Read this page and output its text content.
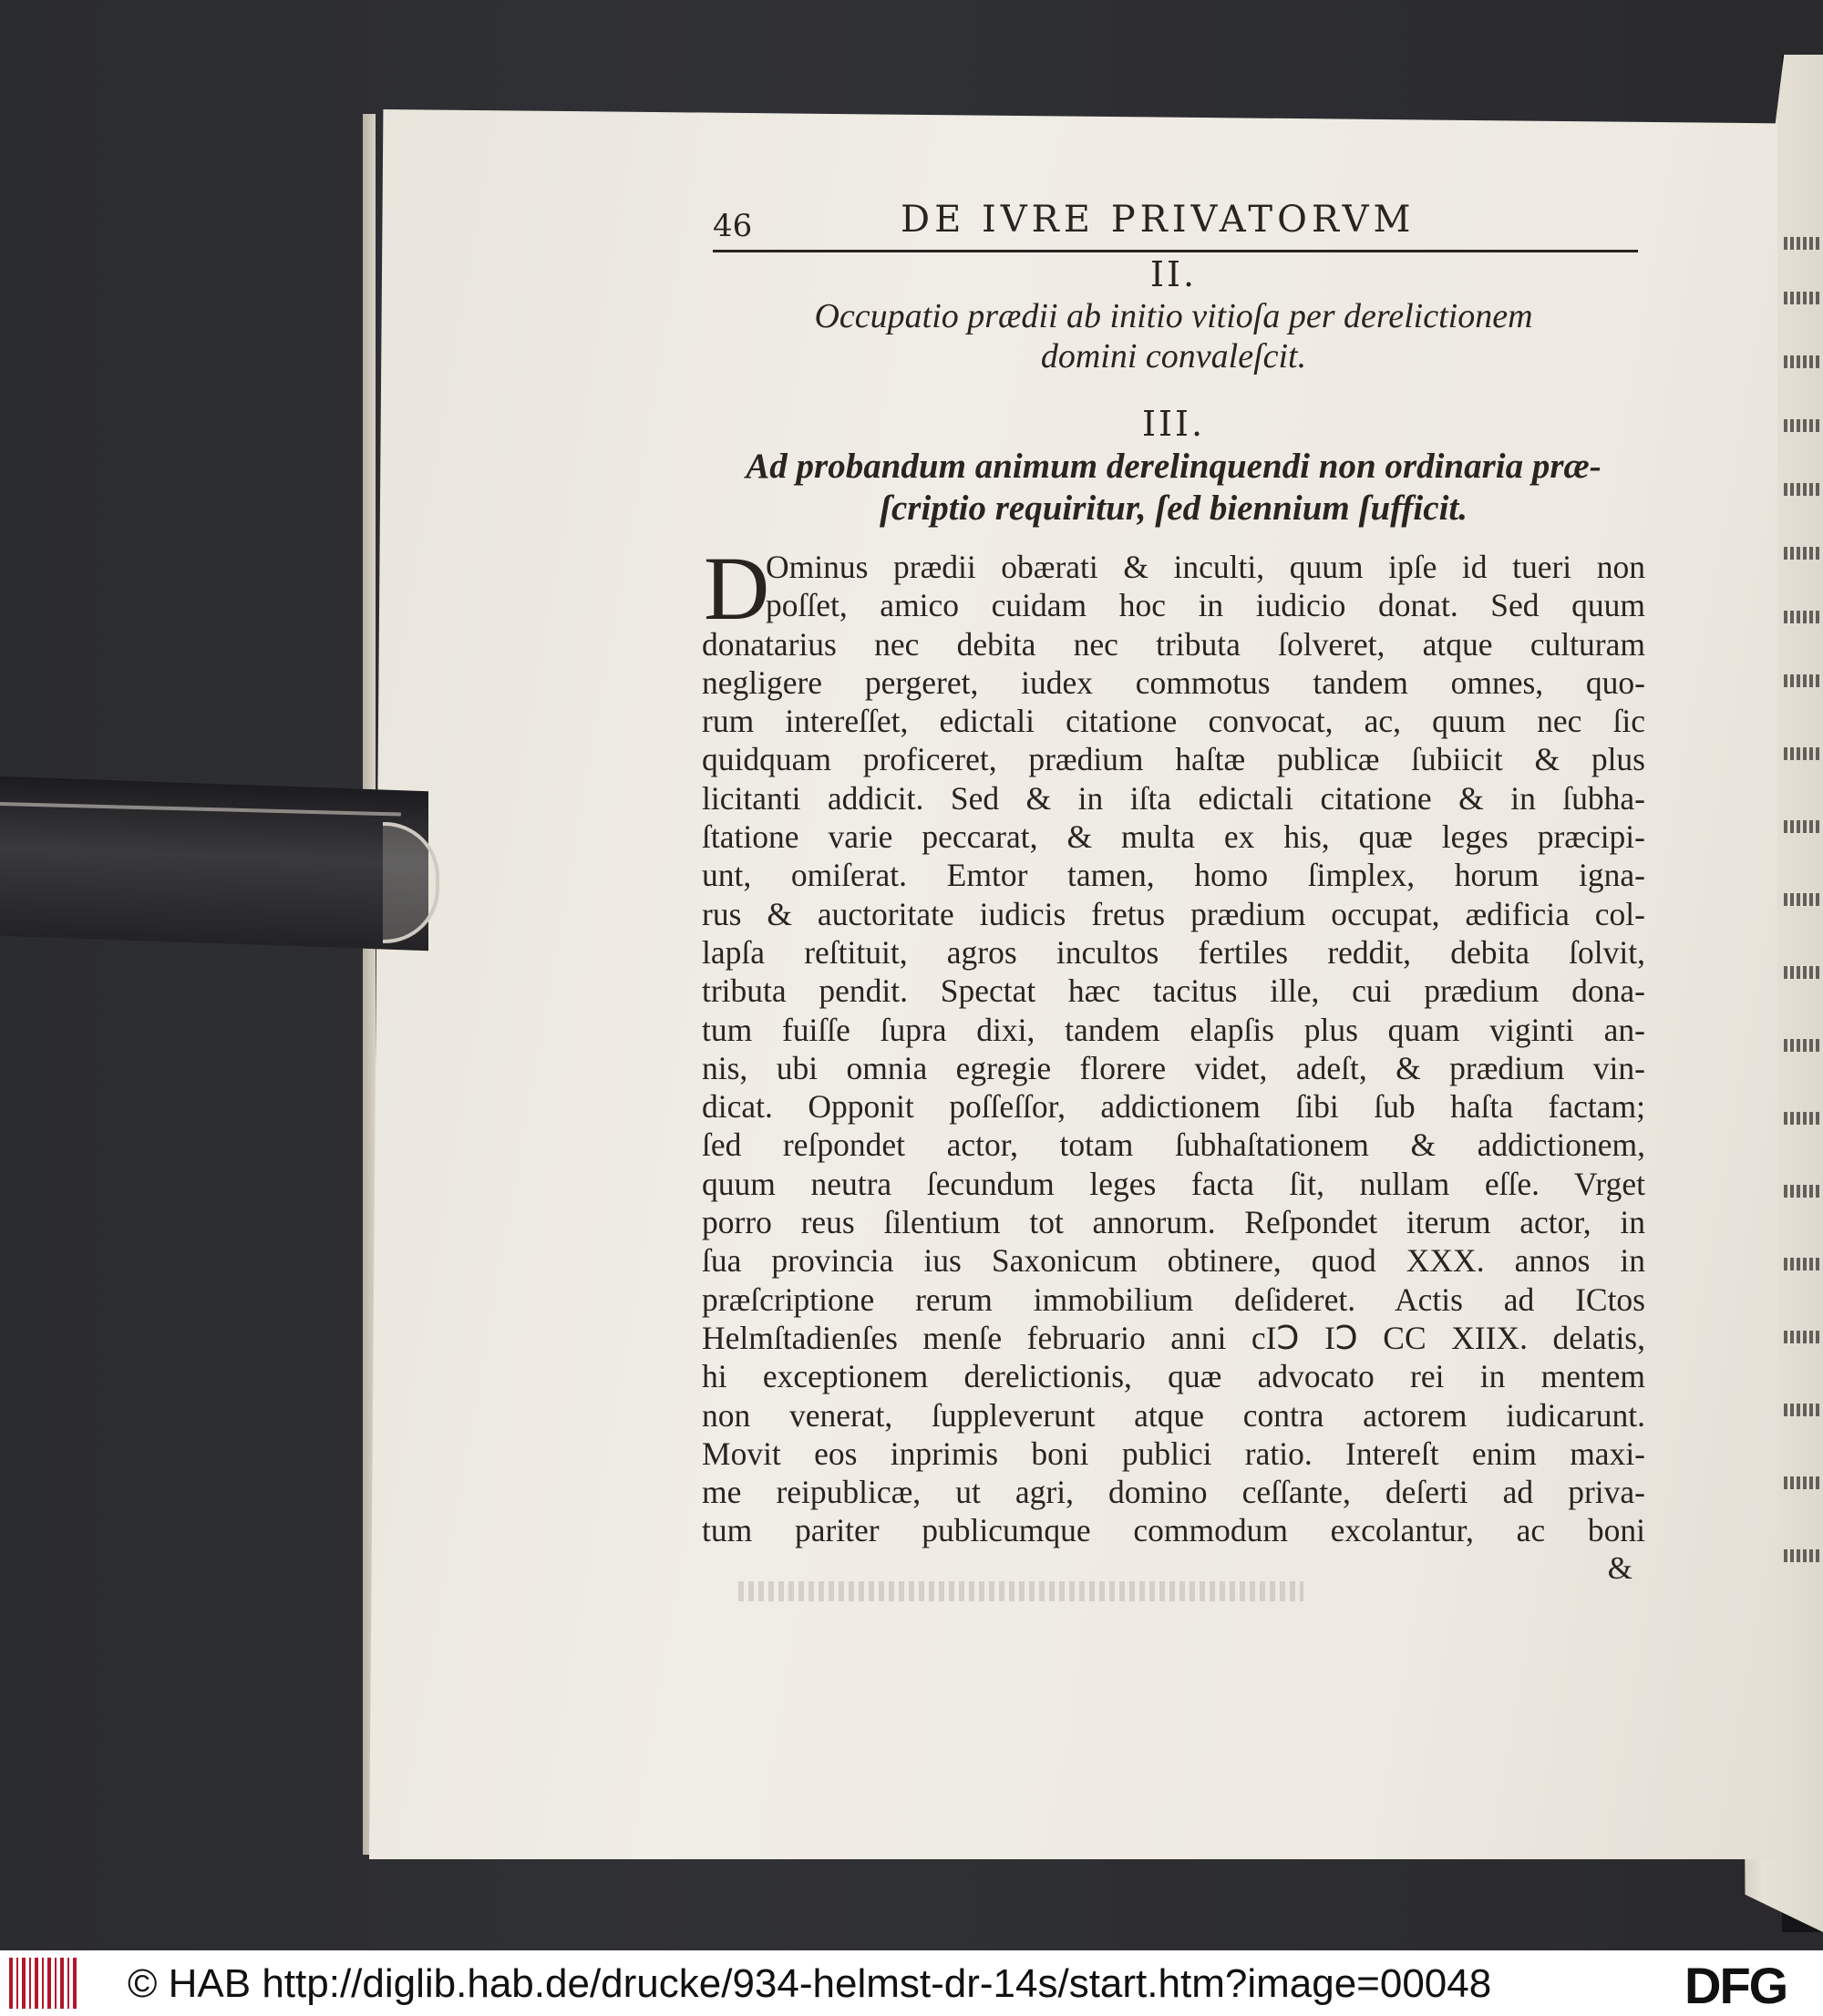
46	DE IVRE PRIVATORVM
II.
Occupatio prædii ab initio vitioſa per derelictionem
domini convaleſcit.
III.
Ad probandum animum derelinquendi non ordinaria præ-
ſcriptio requiritur, ſed biennium ſufficit.
D
Ominus prædii obærati & inculti, quum ipſe id tueri non
poſſet, amico cuidam hoc in iudicio donat. Sed quum
donatarius nec debita nec tributa ſolveret, atque culturam
negligere pergeret, iudex commotus tandem omnes, quo-
rum intereſſet, edictali citatione convocat, ac, quum nec ſic
quidquam proficeret, prædium haſtæ publicæ ſubiicit & plus
licitanti addicit. Sed & in iſta edictali citatione & in ſubha-
ſtatione varie peccarat, & multa ex his, quæ leges præcipi-
unt, omiſerat. Emtor tamen, homo ſimplex, horum igna-
rus & auctoritate iudicis fretus prædium occupat, ædificia col-
lapſa reſtituit, agros incultos fertiles reddit, debita ſolvit,
tributa pendit. Spectat hæc tacitus ille, cui prædium dona-
tum fuiſſe ſupra dixi, tandem elapſis plus quam viginti an-
nis, ubi omnia egregie florere videt, adeſt, & prædium vin-
dicat. Opponit poſſeſſor, addictionem ſibi ſub haſta factam;
ſed reſpondet actor, totam ſubhaſtationem & addictionem,
quum neutra ſecundum leges facta ſit, nullam eſſe. Vrget
porro reus ſilentium tot annorum. Reſpondet iterum actor, in
ſua provincia ius Saxonicum obtinere, quod XXX. annos in
præſcriptione rerum immobilium deſideret. Actis ad ICtos
Helmſtadienſes menſe februario anni cIↃ IↃ CC XIIX. delatis,
hi exceptionem derelictionis, quæ advocato rei in mentem
non venerat, ſuppleverunt atque contra actorem iudicarunt.
Movit eos inprimis boni publici ratio. Intereſt enim maxi-
me reipublicæ, ut agri, domino ceſſante, deſerti ad priva-
tum pariter publicumque commodum excolantur, ac boni
&
© HAB http://diglib.hab.de/drucke/934-helmst-dr-14s/start.htm?image=00048	DFG
